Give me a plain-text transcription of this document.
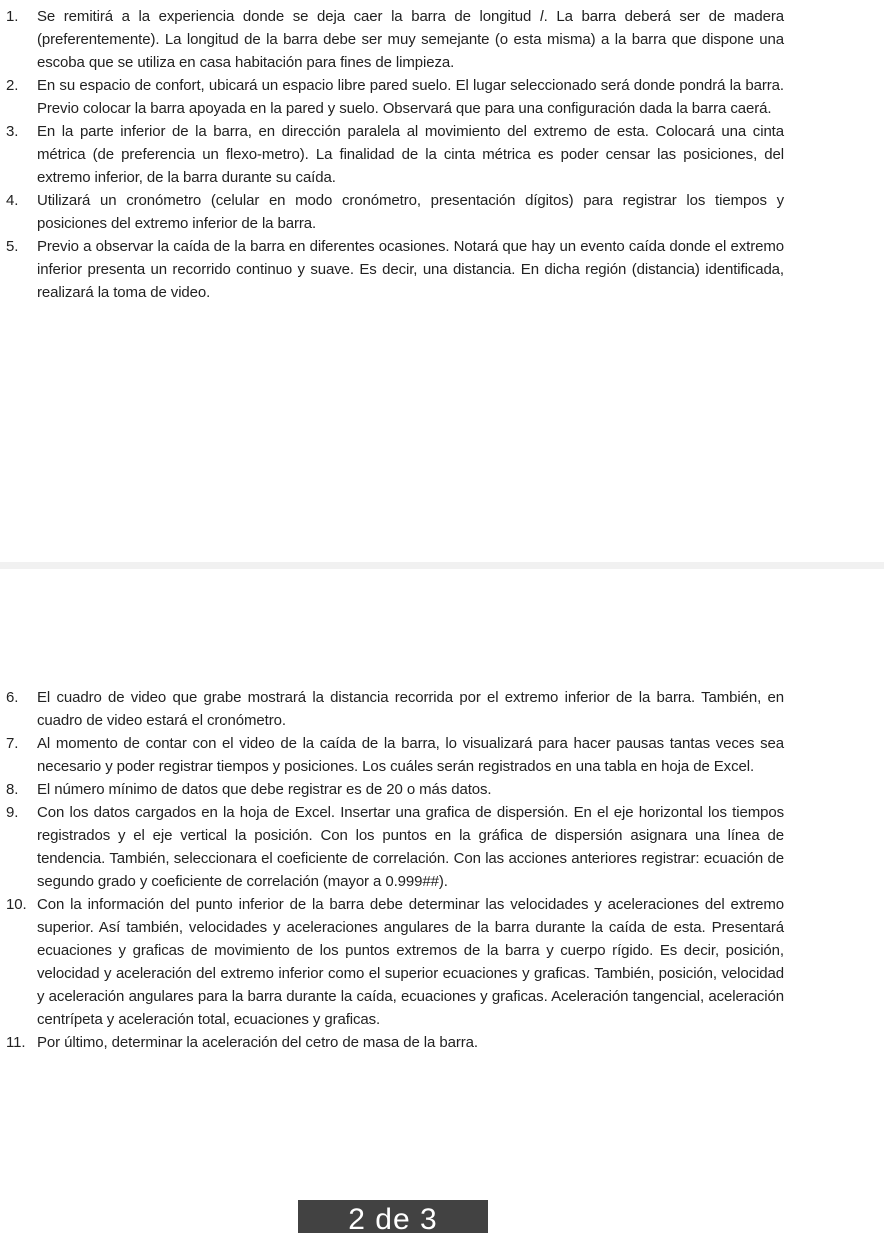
1.	Se remitirá a la experiencia donde se deja caer la barra de longitud 𝑙. La barra deberá ser de madera (preferentemente). La longitud de la barra debe ser muy semejante (o esta misma) a la barra que dispone una escoba que se utiliza en casa habitación para fines de limpieza.
2.	En su espacio de confort, ubicará un espacio libre pared suelo. El lugar seleccionado será donde pondrá la barra. Previo colocar la barra apoyada en la pared y suelo. Observará que para una configuración dada la barra caerá.
3.	En la parte inferior de la barra, en dirección paralela al movimiento del extremo de esta. Colocará una cinta métrica (de preferencia un flexo-metro). La finalidad de la cinta métrica es poder censar las posiciones, del extremo inferior, de la barra durante su caída.
4.	Utilizará un cronómetro (celular en modo cronómetro, presentación dígitos) para registrar los tiempos y posiciones del extremo inferior de la barra.
5.	Previo a observar la caída de la barra en diferentes ocasiones. Notará que hay un evento caída donde el extremo inferior presenta un recorrido continuo y suave. Es decir, una distancia. En dicha región (distancia) identificada, realizará la toma de video.
6.	El cuadro de video que grabe mostrará la distancia recorrida por el extremo inferior de la barra. También, en cuadro de video estará el cronómetro.
7.	Al momento de contar con el video de la caída de la barra, lo visualizará para hacer pausas tantas veces sea necesario y poder registrar tiempos y posiciones. Los cuáles serán registrados en una tabla en hoja de Excel.
8.	El número mínimo de datos que debe registrar es de 20 o más datos.
9.	Con los datos cargados en la hoja de Excel. Insertar una grafica de dispersión. En el eje horizontal los tiempos registrados y el eje vertical la posición. Con los puntos en la gráfica de dispersión asignara una línea de tendencia. También, seleccionara el coeficiente de correlación. Con las acciones anteriores registrar: ecuación de segundo grado y coeficiente de correlación (mayor a 0.999##).
10. Con la información del punto inferior de la barra debe determinar las velocidades y aceleraciones del extremo superior. Así también, velocidades y aceleraciones angulares de la barra durante la caída de esta. Presentará ecuaciones y graficas de movimiento de los puntos extremos de la barra y cuerpo rígido. Es decir, posición, velocidad y aceleración del extremo inferior como el superior ecuaciones y graficas. También, posición, velocidad y aceleración angulares para la barra durante la caída, ecuaciones y graficas. Aceleración tangencial, aceleración centrípeta y aceleración total, ecuaciones y graficas.
11. Por último, determinar la aceleración del cetro de masa de la barra.
2 de 3
